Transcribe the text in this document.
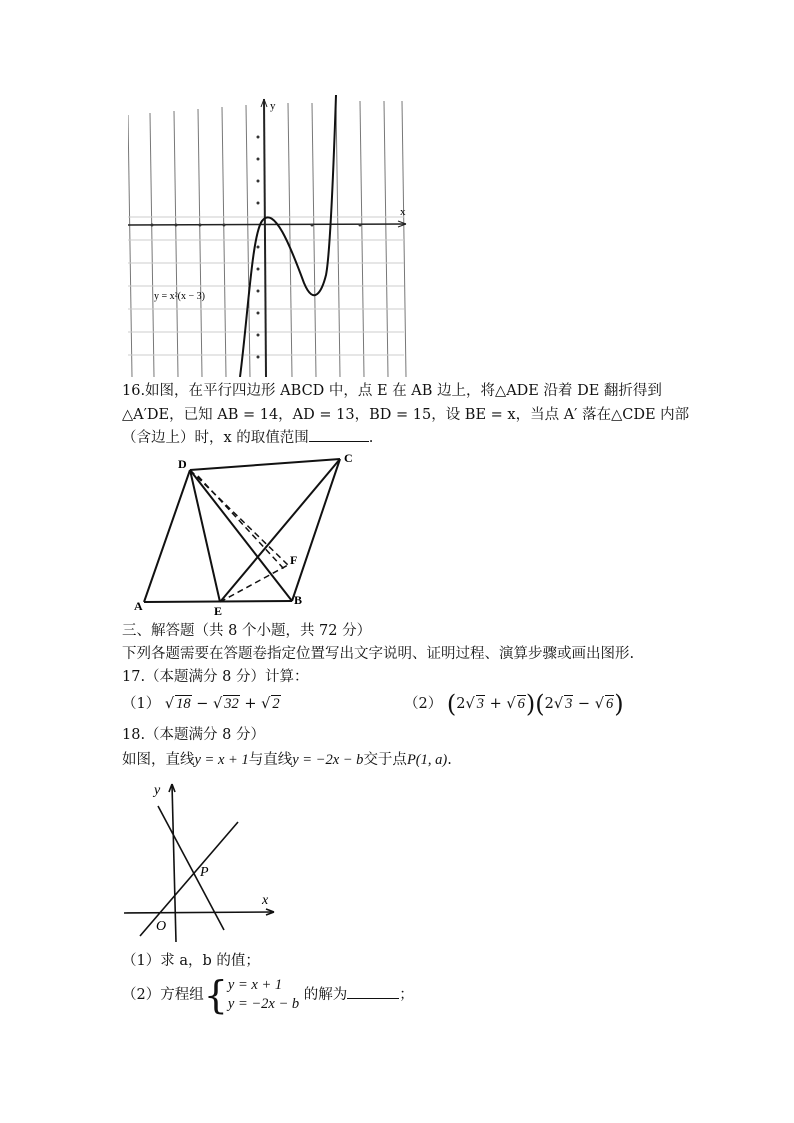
y
x
y = x²(x − 3)
16.如图，在平行四边形 ABCD 中，点 E 在 AB 边上，将△ADE 沿着 DE 翻折得到
△A′DE，已知 AB = 14，AD = 13，BD = 15，设 BE = x，当点 A′ 落在△CDE 内部
（含边上）时，x 的取值范围	.
D	C
A	E
B
F
三、解答题（共 8 个小题，共 72 分）
下列各题需要在答题卷指定位置写出文字说明、证明过程、演算步骤或画出图形.
17.（本题满分 8 分）计算：
（1） √ 18 − √ 32 + √ 2	（2） (2√ 3 + √ 6)(2√ 3 − √ 6)
18.（本题满分 8 分）
如图，直线y = x + 1与直线y = −2x − b交于点P(1, a).
y
x
O
P
（1）求 a，b 的值；
（2）方程组{y = x + 1
y = −2x − b 的解为	；
